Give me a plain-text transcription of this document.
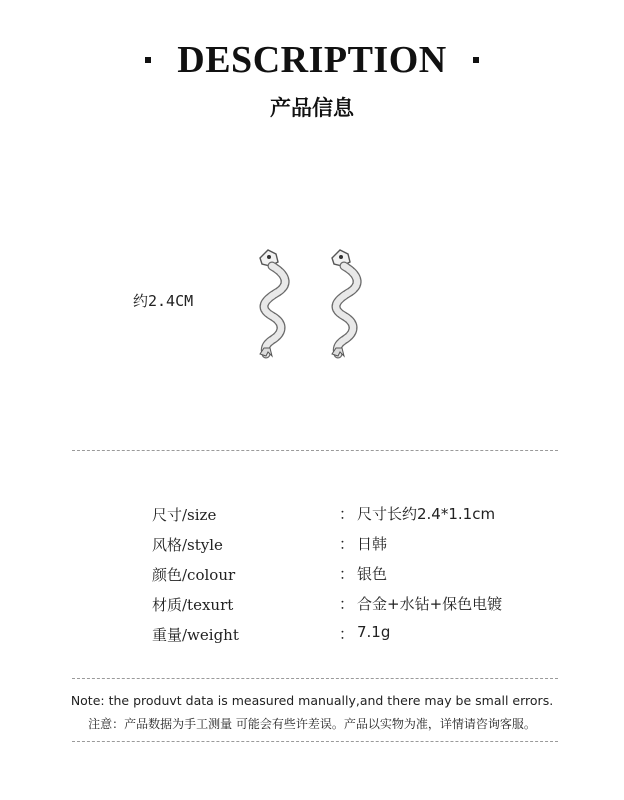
DESCRIPTION
产品信息
约2.4CM
尺寸/size	： 尺寸长约2.4*1.1cm
风格/style	： 日韩
颜色/colour	： 银色
材质/texurt	： 合金+水钻+保色电镀
重量/weight	： 7.1g
Note: the produvt data is measured manually,and there may be small errors.
注意：产品数据为手工测量 可能会有些许差误。产品以实物为准，详情请咨询客服。
